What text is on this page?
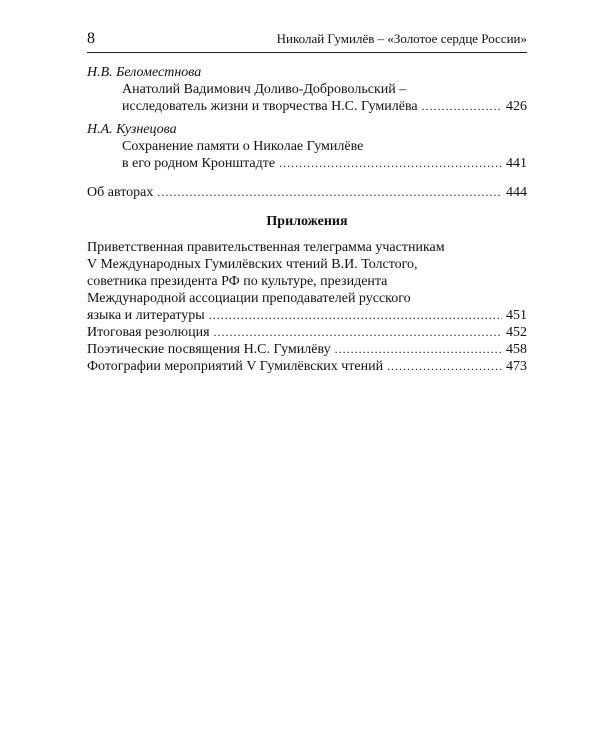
8	Николай Гумилёв – «Золотое сердце России»
Н.В. Беломестнова
Анатолий Вадимович Доливо-Добровольский –
исследователь жизни и творчества Н.С. Гумилёва .....	426
Н.А. Кузнецова
Сохранение памяти о Николае Гумилёве
в его родном Кронштадте .....	441
Об авторах .....	444
Приложения
Приветственная правительственная телеграмма участникам
V Международных Гумилёвских чтений В.И. Толстого,
советника президента РФ по культуре, президента
Международной ассоциации преподавателей русского
языка и литературы .....	451
Итоговая резолюция .....	452
Поэтические посвящения Н.С. Гумилёву .....	458
Фотографии мероприятий V Гумилёвских чтений .....	473
